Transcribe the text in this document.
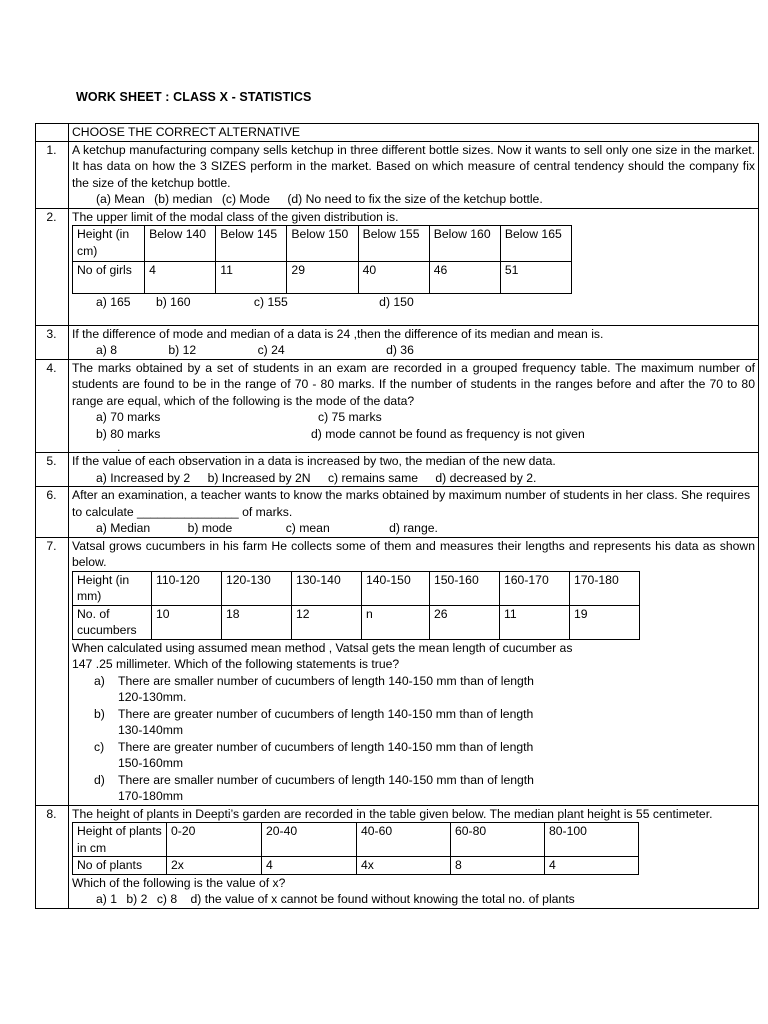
WORK SHEET : CLASS X - STATISTICS
	CHOOSE THE CORRECT ALTERNATIVE
1.	A ketchup manufacturing company sells ketchup in three different bottle sizes. Now it wants to sell only one size in the market. It has data on how the 3 SIZES perform in the market. Based on which measure of central tendency should the company fix the size of the ketchup bottle.
(a) Mean (b) median (c) Mode (d) No need to fix the size of the ketchup bottle.

2.	The upper limit of the modal class of the given distribution is.
Height (in cm)	Below 140	Below 145	Below 150	Below 155	Below 160	Below 165
No of girls	4	11	29	40	46	51
a) 165 b) 160	c) 155	d) 150

3.	If the difference of mode and median of a data is 24 ,then the difference of its median and mean is.
a) 8	b) 12	c) 24	d) 36

4.	The marks obtained by a set of students in an exam are recorded in a grouped frequency table. The maximum number of students are found to be in the range of 70 - 80 marks. If the number of students in the ranges before and after the 70 to 80 range are equal, which of the following is the mode of the data?
a) 70 marks	c) 75 marks
b) 80 marks	d) mode cannot be found as frequency is not given
.

5.	If the value of each observation in a data is increased by two, the median of the new data.
a) Increased by 2 b) Increased by 2N c) remains same d) decreased by 2.

6.	After an examination, a teacher wants to know the marks obtained by maximum number of students in her class. She requires to calculate _______________ of marks.
a) Median	b) mode	c) mean	d) range.

7.	Vatsal grows cucumbers in his farm He collects some of them and measures their lengths and represents his data as shown below.
Height (in mm)	110-120	120-130	130-140	140-150	150-160	160-170	170-180
No. of cucumbers	10	18	12	n	26	11	19
When calculated using assumed mean method , Vatsal gets the mean length of cucumber as
147 .25 millimeter. Which of the following statements is true?
a)	There are smaller number of cucumbers of length 140-150 mm than of length
120-130mm.
b)	There are greater number of cucumbers of length 140-150 mm than of length
130-140mm
c)	There are greater number of cucumbers of length 140-150 mm than of length
150-160mm
d)	There are smaller number of cucumbers of length 140-150 mm than of length
170-180mm

8.	The height of plants in Deepti’s garden are recorded in the table given below. The median plant height is 55 centimeter.
Height of plants in cm	0-20	20-40	40-60	60-80	80-100
No of plants	2x	4	4x	8	4
Which of the following is the value of x?
a) 1 b) 2 c) 8 d) the value of x cannot be found without knowing the total no. of plants
